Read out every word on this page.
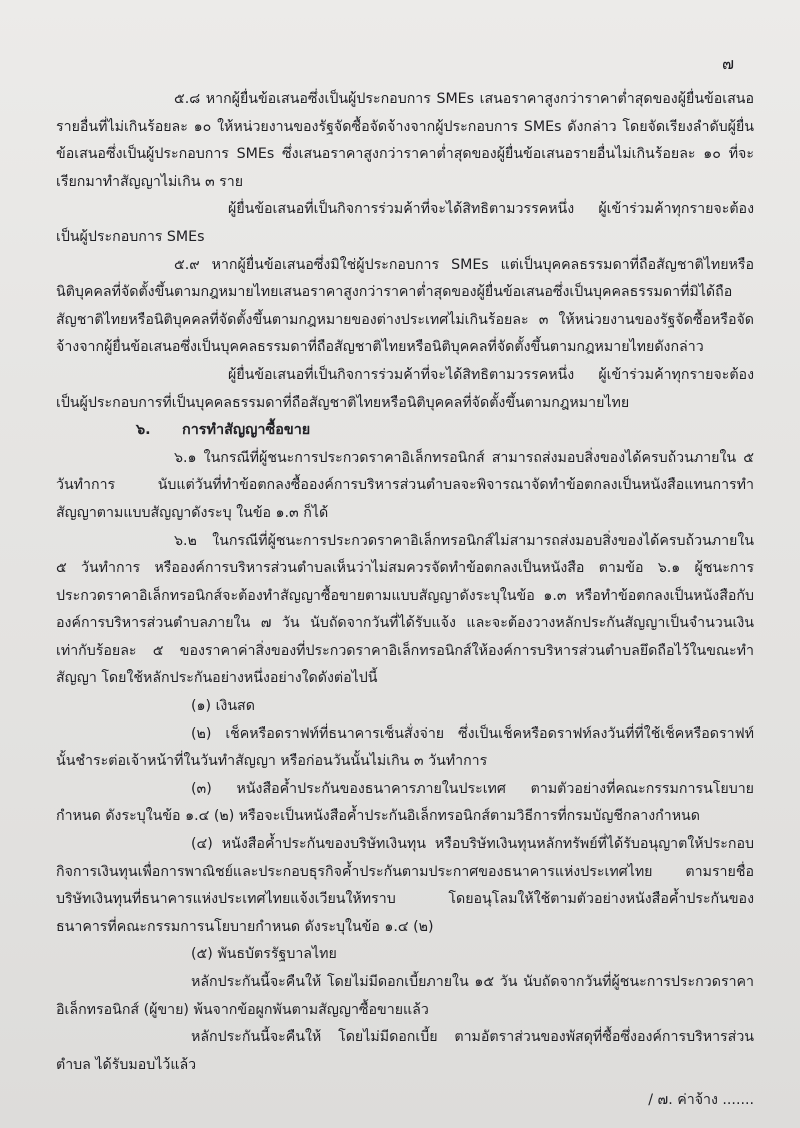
๗

๕.๘ หากผู้ยื่นข้อเสนอซึ่งเป็นผู้ประกอบการ SMEs เสนอราคาสูงกว่าราคาต่ำสุดของผู้ยื่นข้อเสนอรายอื่นที่ไม่เกินร้อยละ ๑๐ ให้หน่วยงานของรัฐจัดซื้อจัดจ้างจากผู้ประกอบการ SMEs ดังกล่าว โดยจัดเรียงลำดับผู้ยื่นข้อเสนอซึ่งเป็นผู้ประกอบการ SMEs ซึ่งเสนอราคาสูงกว่าราคาต่ำสุดของผู้ยื่นข้อเสนอรายอื่นไม่เกินร้อยละ ๑๐ ที่จะเรียกมาทำสัญญาไม่เกิน ๓ ราย

ผู้ยื่นข้อเสนอที่เป็นกิจการร่วมค้าที่จะได้สิทธิตามวรรคหนึ่ง ผู้เข้าร่วมค้าทุกรายจะต้องเป็นผู้ประกอบการ SMEs

๕.๙ หากผู้ยื่นข้อเสนอซึ่งมิใช่ผู้ประกอบการ SMEs แต่เป็นบุคคลธรรมดาที่ถือสัญชาติไทยหรือนิติบุคคลที่จัดตั้งขึ้นตามกฎหมายไทยเสนอราคาสูงกว่าราคาต่ำสุดของผู้ยื่นข้อเสนอซึ่งเป็นบุคคลธรรมดาที่มิได้ถือสัญชาติไทยหรือนิติบุคคลที่จัดตั้งขึ้นตามกฎหมายของต่างประเทศไม่เกินร้อยละ ๓ ให้หน่วยงานของรัฐจัดซื้อหรือจัดจ้างจากผู้ยื่นข้อเสนอซึ่งเป็นบุคคลธรรมดาที่ถือสัญชาติไทยหรือนิติบุคคลที่จัดตั้งขึ้นตามกฎหมายไทยดังกล่าว

ผู้ยื่นข้อเสนอที่เป็นกิจการร่วมค้าที่จะได้สิทธิตามวรรคหนึ่ง ผู้เข้าร่วมค้าทุกรายจะต้องเป็นผู้ประกอบการที่เป็นบุคคลธรรมดาที่ถือสัญชาติไทยหรือนิติบุคคลที่จัดตั้งขึ้นตามกฎหมายไทย

๖. การทำสัญญาซื้อขาย

๖.๑ ในกรณีที่ผู้ชนะการประกวดราคาอิเล็กทรอนิกส์ สามารถส่งมอบสิ่งของได้ครบถ้วนภายใน ๕ วันทำการ นับแต่วันที่ทำข้อตกลงซื้อองค์การบริหารส่วนตำบลจะพิจารณาจัดทำข้อตกลงเป็นหนังสือแทนการทำสัญญาตามแบบสัญญาดังระบุ ในข้อ ๑.๓ ก็ได้

๖.๒ ในกรณีที่ผู้ชนะการประกวดราคาอิเล็กทรอนิกส์ไม่สามารถส่งมอบสิ่งของได้ครบถ้วนภายใน ๕ วันทำการ หรือองค์การบริหารส่วนตำบลเห็นว่าไม่สมควรจัดทำข้อตกลงเป็นหนังสือ ตามข้อ ๖.๑ ผู้ชนะการประกวดราคาอิเล็กทรอนิกส์จะต้องทำสัญญาซื้อขายตามแบบสัญญาดังระบุในข้อ ๑.๓ หรือทำข้อตกลงเป็นหนังสือกับองค์การบริหารส่วนตำบลภายใน ๗ วัน นับถัดจากวันที่ได้รับแจ้ง และจะต้องวางหลักประกันสัญญาเป็นจำนวนเงินเท่ากับร้อยละ ๕ ของราคาค่าสิ่งของที่ประกวดราคาอิเล็กทรอนิกส์ให้องค์การบริหารส่วนตำบลยึดถือไว้ในขณะทำสัญญา โดยใช้หลักประกันอย่างหนึ่งอย่างใดดังต่อไปนี้

(๑) เงินสด

(๒) เช็คหรือดราฟท์ที่ธนาคารเซ็นสั่งจ่าย ซึ่งเป็นเช็คหรือดราฟท์ลงวันที่ที่ใช้เช็คหรือดราฟท์นั้นชำระต่อเจ้าหน้าที่ในวันทำสัญญา หรือก่อนวันนั้นไม่เกิน ๓ วันทำการ

(๓) หนังสือค้ำประกันของธนาคารภายในประเทศ ตามตัวอย่างที่คณะกรรมการนโยบายกำหนด ดังระบุในข้อ ๑.๔ (๒) หรือจะเป็นหนังสือค้ำประกันอิเล็กทรอนิกส์ตามวิธีการที่กรมบัญชีกลางกำหนด

(๔) หนังสือค้ำประกันของบริษัทเงินทุน หรือบริษัทเงินทุนหลักทรัพย์ที่ได้รับอนุญาตให้ประกอบกิจการเงินทุนเพื่อการพาณิชย์และประกอบธุรกิจค้ำประกันตามประกาศของธนาคารแห่งประเทศไทย ตามรายชื่อบริษัทเงินทุนที่ธนาคารแห่งประเทศไทยแจ้งเวียนให้ทราบ โดยอนุโลมให้ใช้ตามตัวอย่างหนังสือค้ำประกันของธนาคารที่คณะกรรมการนโยบายกำหนด ดังระบุในข้อ ๑.๔ (๒)

(๕) พันธบัตรรัฐบาลไทย

หลักประกันนี้จะคืนให้ โดยไม่มีดอกเบี้ยภายใน ๑๕ วัน นับถัดจากวันที่ผู้ชนะการประกวดราคาอิเล็กทรอนิกส์ (ผู้ขาย) พ้นจากข้อผูกพันตามสัญญาซื้อขายแล้ว

หลักประกันนี้จะคืนให้ โดยไม่มีดอกเบี้ย ตามอัตราส่วนของพัสดุที่ซื้อซึ่งองค์การบริหารส่วนตำบล ได้รับมอบไว้แล้ว

/ ๗. ค่าจ้าง .......
